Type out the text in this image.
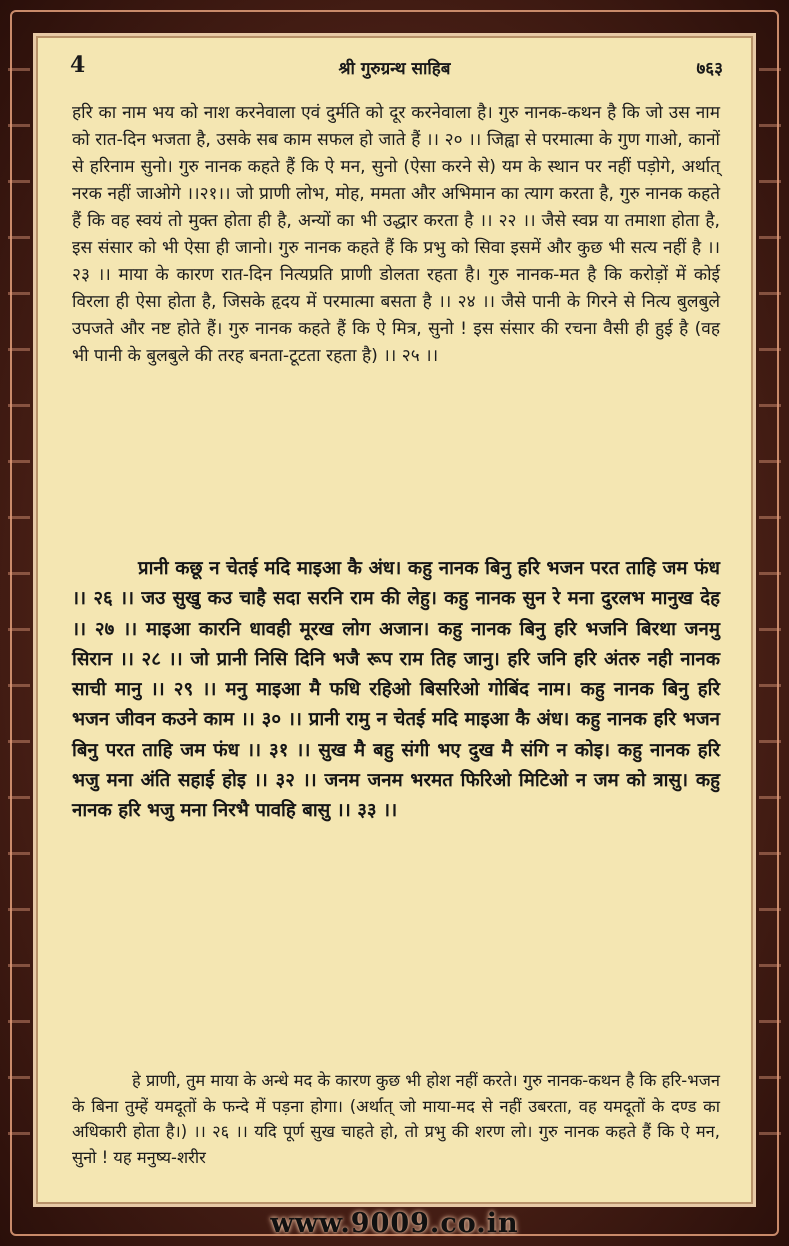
4	श्री गुरुग्रन्थ साहिब	७६३

हरि का नाम भय को नाश करनेवाला एवं दुर्मति को दूर करनेवाला है। गुरु नानक-कथन है कि जो उस नाम को रात-दिन भजता है, उसके सब काम सफल हो जाते हैं ।। २० ।। जिह्वा से परमात्मा के गुण गाओ, कानों से हरिनाम सुनो। गुरु नानक कहते हैं कि ऐ मन, सुनो (ऐसा करने से) यम के स्थान पर नहीं पड़ोगे, अर्थात् नरक नहीं जाओगे ।।२१।। जो प्राणी लोभ, मोह, ममता और अभिमान का त्याग करता है, गुरु नानक कहते हैं कि वह स्वयं तो मुक्त होता ही है, अन्यों का भी उद्धार करता है ।। २२ ।। जैसे स्वप्न या तमाशा होता है, इस संसार को भी ऐसा ही जानो। गुरु नानक कहते हैं कि प्रभु को सिवा इसमें और कुछ भी सत्य नहीं है ।। २३ ।। माया के कारण रात-दिन नित्यप्रति प्राणी डोलता रहता है। गुरु नानक-मत है कि करोड़ों में कोई विरला ही ऐसा होता है, जिसके हृदय में परमात्मा बसता है ।। २४ ।। जैसे पानी के गिरने से नित्य बुलबुले उपजते और नष्ट होते हैं। गुरु नानक कहते हैं कि ऐ मित्र, सुनो ! इस संसार की रचना वैसी ही हुई है (वह भी पानी के बुलबुले की तरह बनता-टूटता रहता है) ।। २५ ।।

प्रानी कछू न चेतई मदि माइआ कै अंध। कहु नानक बिनु हरि भजन परत ताहि जम फंध ।। २६ ।। जउ सुखु कउ चाहै सदा सरनि राम की लेहु। कहु नानक सुन रे मना दुरलभ मानुख देह ।। २७ ।। माइआ कारनि धावही मूरख लोग अजान। कहु नानक बिनु हरि भजनि बिरथा जनमु सिरान ।। २८ ।। जो प्रानी निसि दिनि भजै रूप राम तिह जानु। हरि जनि हरि अंतरु नही नानक साची मानु ।। २९ ।। मनु माइआ मै फधि रहिओ बिसरिओ गोबिंद नाम। कहु नानक बिनु हरि भजन जीवन कउने काम ।। ३० ।। प्रानी रामु न चेतई मदि माइआ कै अंध। कहु नानक हरि भजन बिनु परत ताहि जम फंध ।। ३१ ।। सुख मै बहु संगी भए दुख मै संगि न कोइ। कहु नानक हरि भजु मना अंति सहाई होइ ।। ३२ ।। जनम जनम भरमत फिरिओ मिटिओ न जम को त्रासु। कहु नानक हरि भजु मना निरभै पावहि बासु ।। ३३ ।।

हे प्राणी, तुम माया के अन्धे मद के कारण कुछ भी होश नहीं करते। गुरु नानक-कथन है कि हरि-भजन के बिना तुम्हें यमदूतों के फन्दे में पड़ना होगा। (अर्थात् जो माया-मद से नहीं उबरता, वह यमदूतों के दण्ड का अधिकारी होता है।) ।। २६ ।। यदि पूर्ण सुख चाहते हो, तो प्रभु की शरण लो। गुरु नानक कहते हैं कि ऐ मन, सुनो ! यह मनुष्य-शरीर

www.9009.co.in
